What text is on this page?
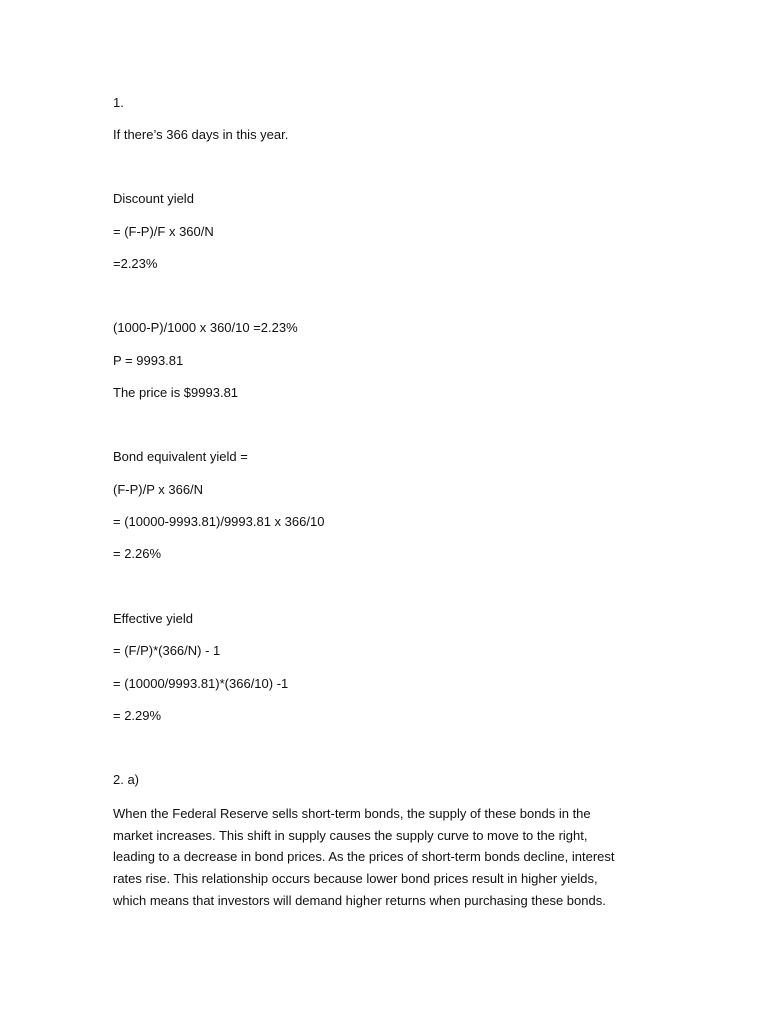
1.

If there’s 366 days in this year.

Discount yield

= (F-P)/F x 360/N

=2.23%

(1000-P)/1000 x 360/10 =2.23%

P = 9993.81

The price is $9993.81

Bond equivalent yield =

(F-P)/P x 366/N

= (10000-9993.81)/9993.81 x 366/10

= 2.26%

Effective yield

= (F/P)*(366/N) - 1

= (10000/9993.81)*(366/10) -1

= 2.29%

2. a)

When the Federal Reserve sells short-term bonds, the supply of these bonds in the
market increases. This shift in supply causes the supply curve to move to the right,
leading to a decrease in bond prices. As the prices of short-term bonds decline, interest
rates rise. This relationship occurs because lower bond prices result in higher yields,
which means that investors will demand higher returns when purchasing these bonds.
